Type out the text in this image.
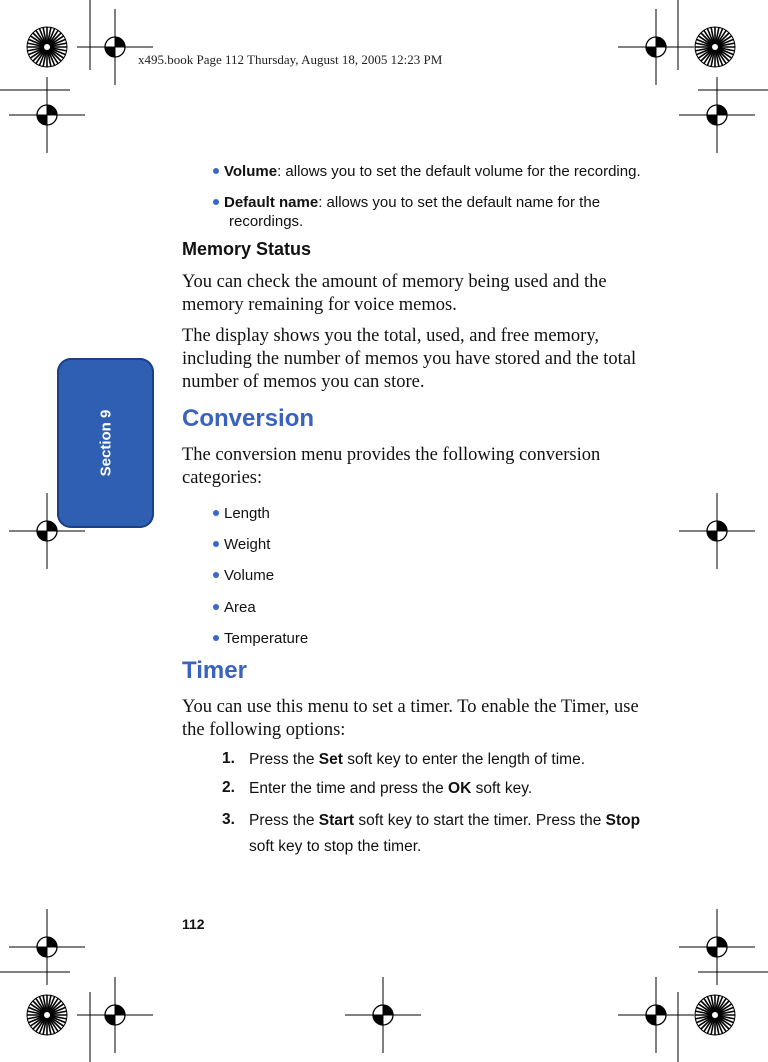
x495.book Page 112 Thursday, August 18, 2005 12:23 PM
Section 9
Volume: allows you to set the default volume for the recording.
Default name: allows you to set the default name for the
recordings.
Memory Status

You can check the amount of memory being used and the memory remaining for voice memos.

The display shows you the total, used, and free memory, including the number of memos you have stored and the total number of memos you can store.

Conversion

The conversion menu provides the following conversion categories:

Length
Weight
Volume
Area
Temperature
Timer

You can use this menu to set a timer. To enable the Timer, use the following options:

1. Press the Set soft key to enter the length of time.
2. Enter the time and press the OK soft key.
3. Press the Start soft key to start the timer. Press the Stop soft key to stop the timer.
112
